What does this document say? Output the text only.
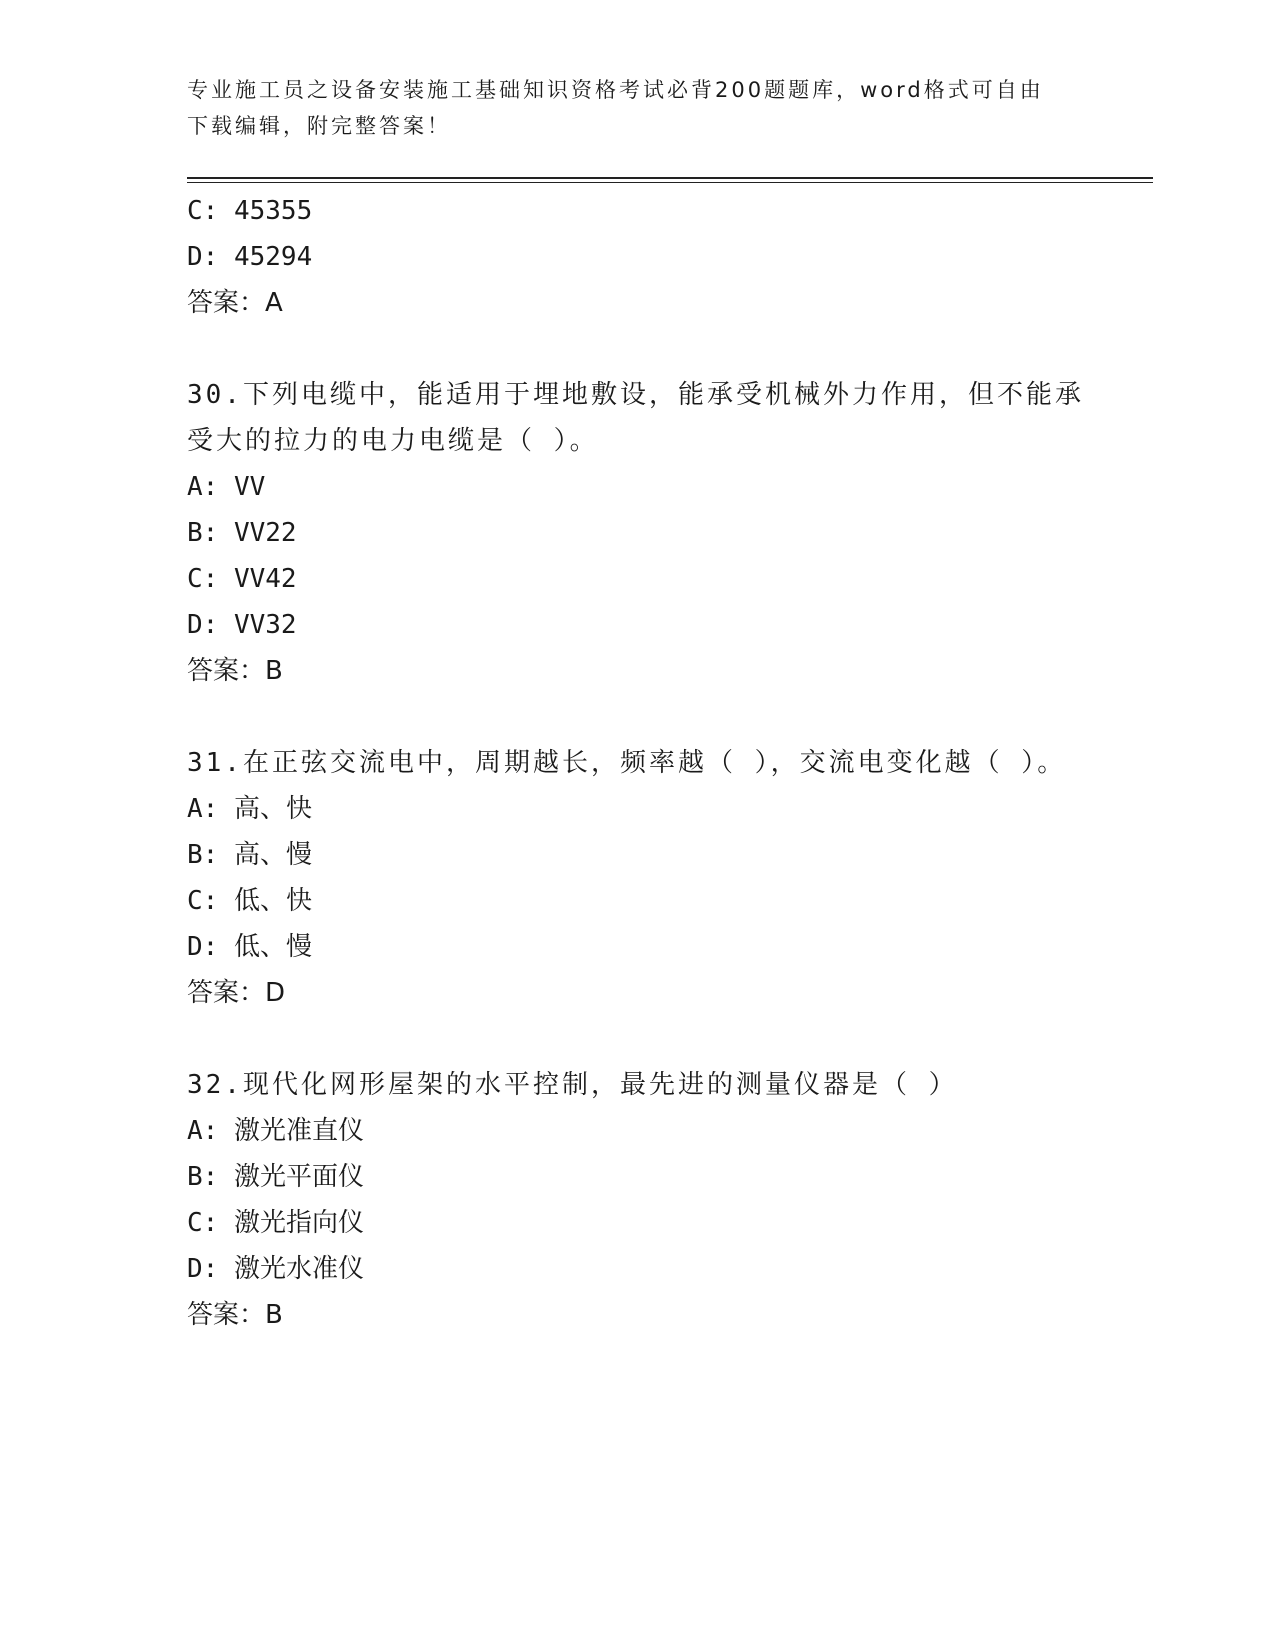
专业施工员之设备安装施工基础知识资格考试必背200题题库，word格式可自由
下载编辑，附完整答案！
C: 45355
D: 45294
答案：A
30.下列电缆中，能适用于埋地敷设，能承受机械外力作用，但不能承
受大的拉力的电力电缆是（ ）。
A: VV
B: VV22
C: VV42
D: VV32
答案：B
31.在正弦交流电中，周期越长，频率越（ ），交流电变化越（ ）。
A: 高、快
B: 高、慢
C: 低、快
D: 低、慢
答案：D
32.现代化网形屋架的水平控制，最先进的测量仪器是（ ）
A: 激光准直仪
B: 激光平面仪
C: 激光指向仪
D: 激光水准仪
答案：B
